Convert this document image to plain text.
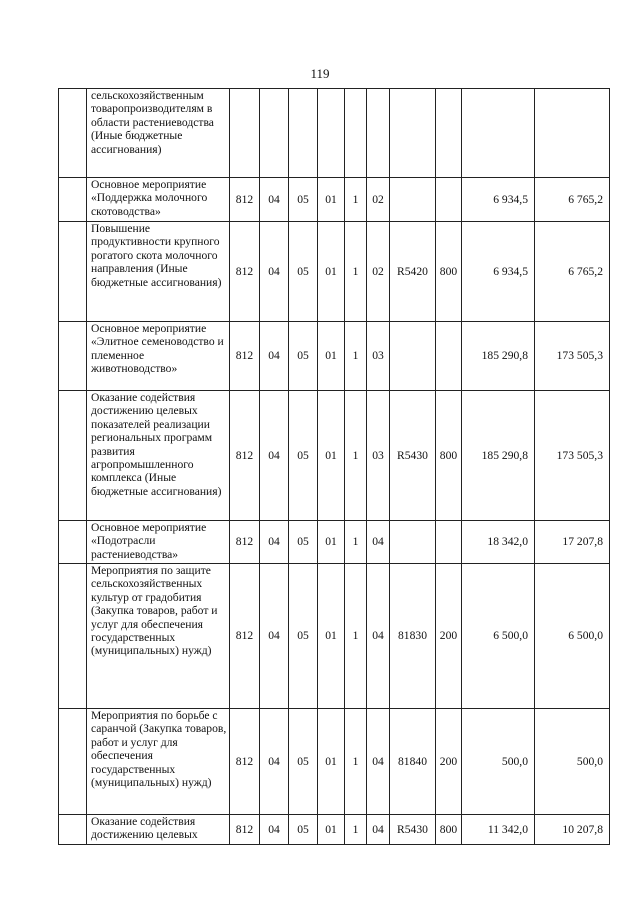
119
	сельскохозяйственным товаропроизводителям в области растениеводства (Иные бюджетные ассигнования)										
	Основное мероприятие «Поддержка молочного скотоводства»	812	04	05	01	1	02			6 934,5	6 765,2
	Повышение продуктивности крупного рогатого скота молочного направления (Иные бюджетные ассигнования)	812	04	05	01	1	02	R5420	800	6 934,5	6 765,2
	Основное мероприятие «Элитное семеноводство и племенное животноводство»	812	04	05	01	1	03			185 290,8	173 505,3
	Оказание содействия достижению целевых показателей реализации региональных программ развития агропромышленного комплекса (Иные бюджетные ассигнования)	812	04	05	01	1	03	R5430	800	185 290,8	173 505,3
	Основное мероприятие «Подотрасли растениеводства»	812	04	05	01	1	04			18 342,0	17 207,8
	Мероприятия по защите сельскохозяйственных культур от градобития (Закупка товаров, работ и услуг для обеспечения государственных (муниципальных) нужд)	812	04	05	01	1	04	81830	200	6 500,0	6 500,0
	Мероприятия по борьбе с саранчой (Закупка товаров, работ и услуг для обеспечения государственных (муниципальных) нужд)	812	04	05	01	1	04	81840	200	500,0	500,0
	Оказание содействия достижению целевых	812	04	05	01	1	04	R5430	800	11 342,0	10 207,8
